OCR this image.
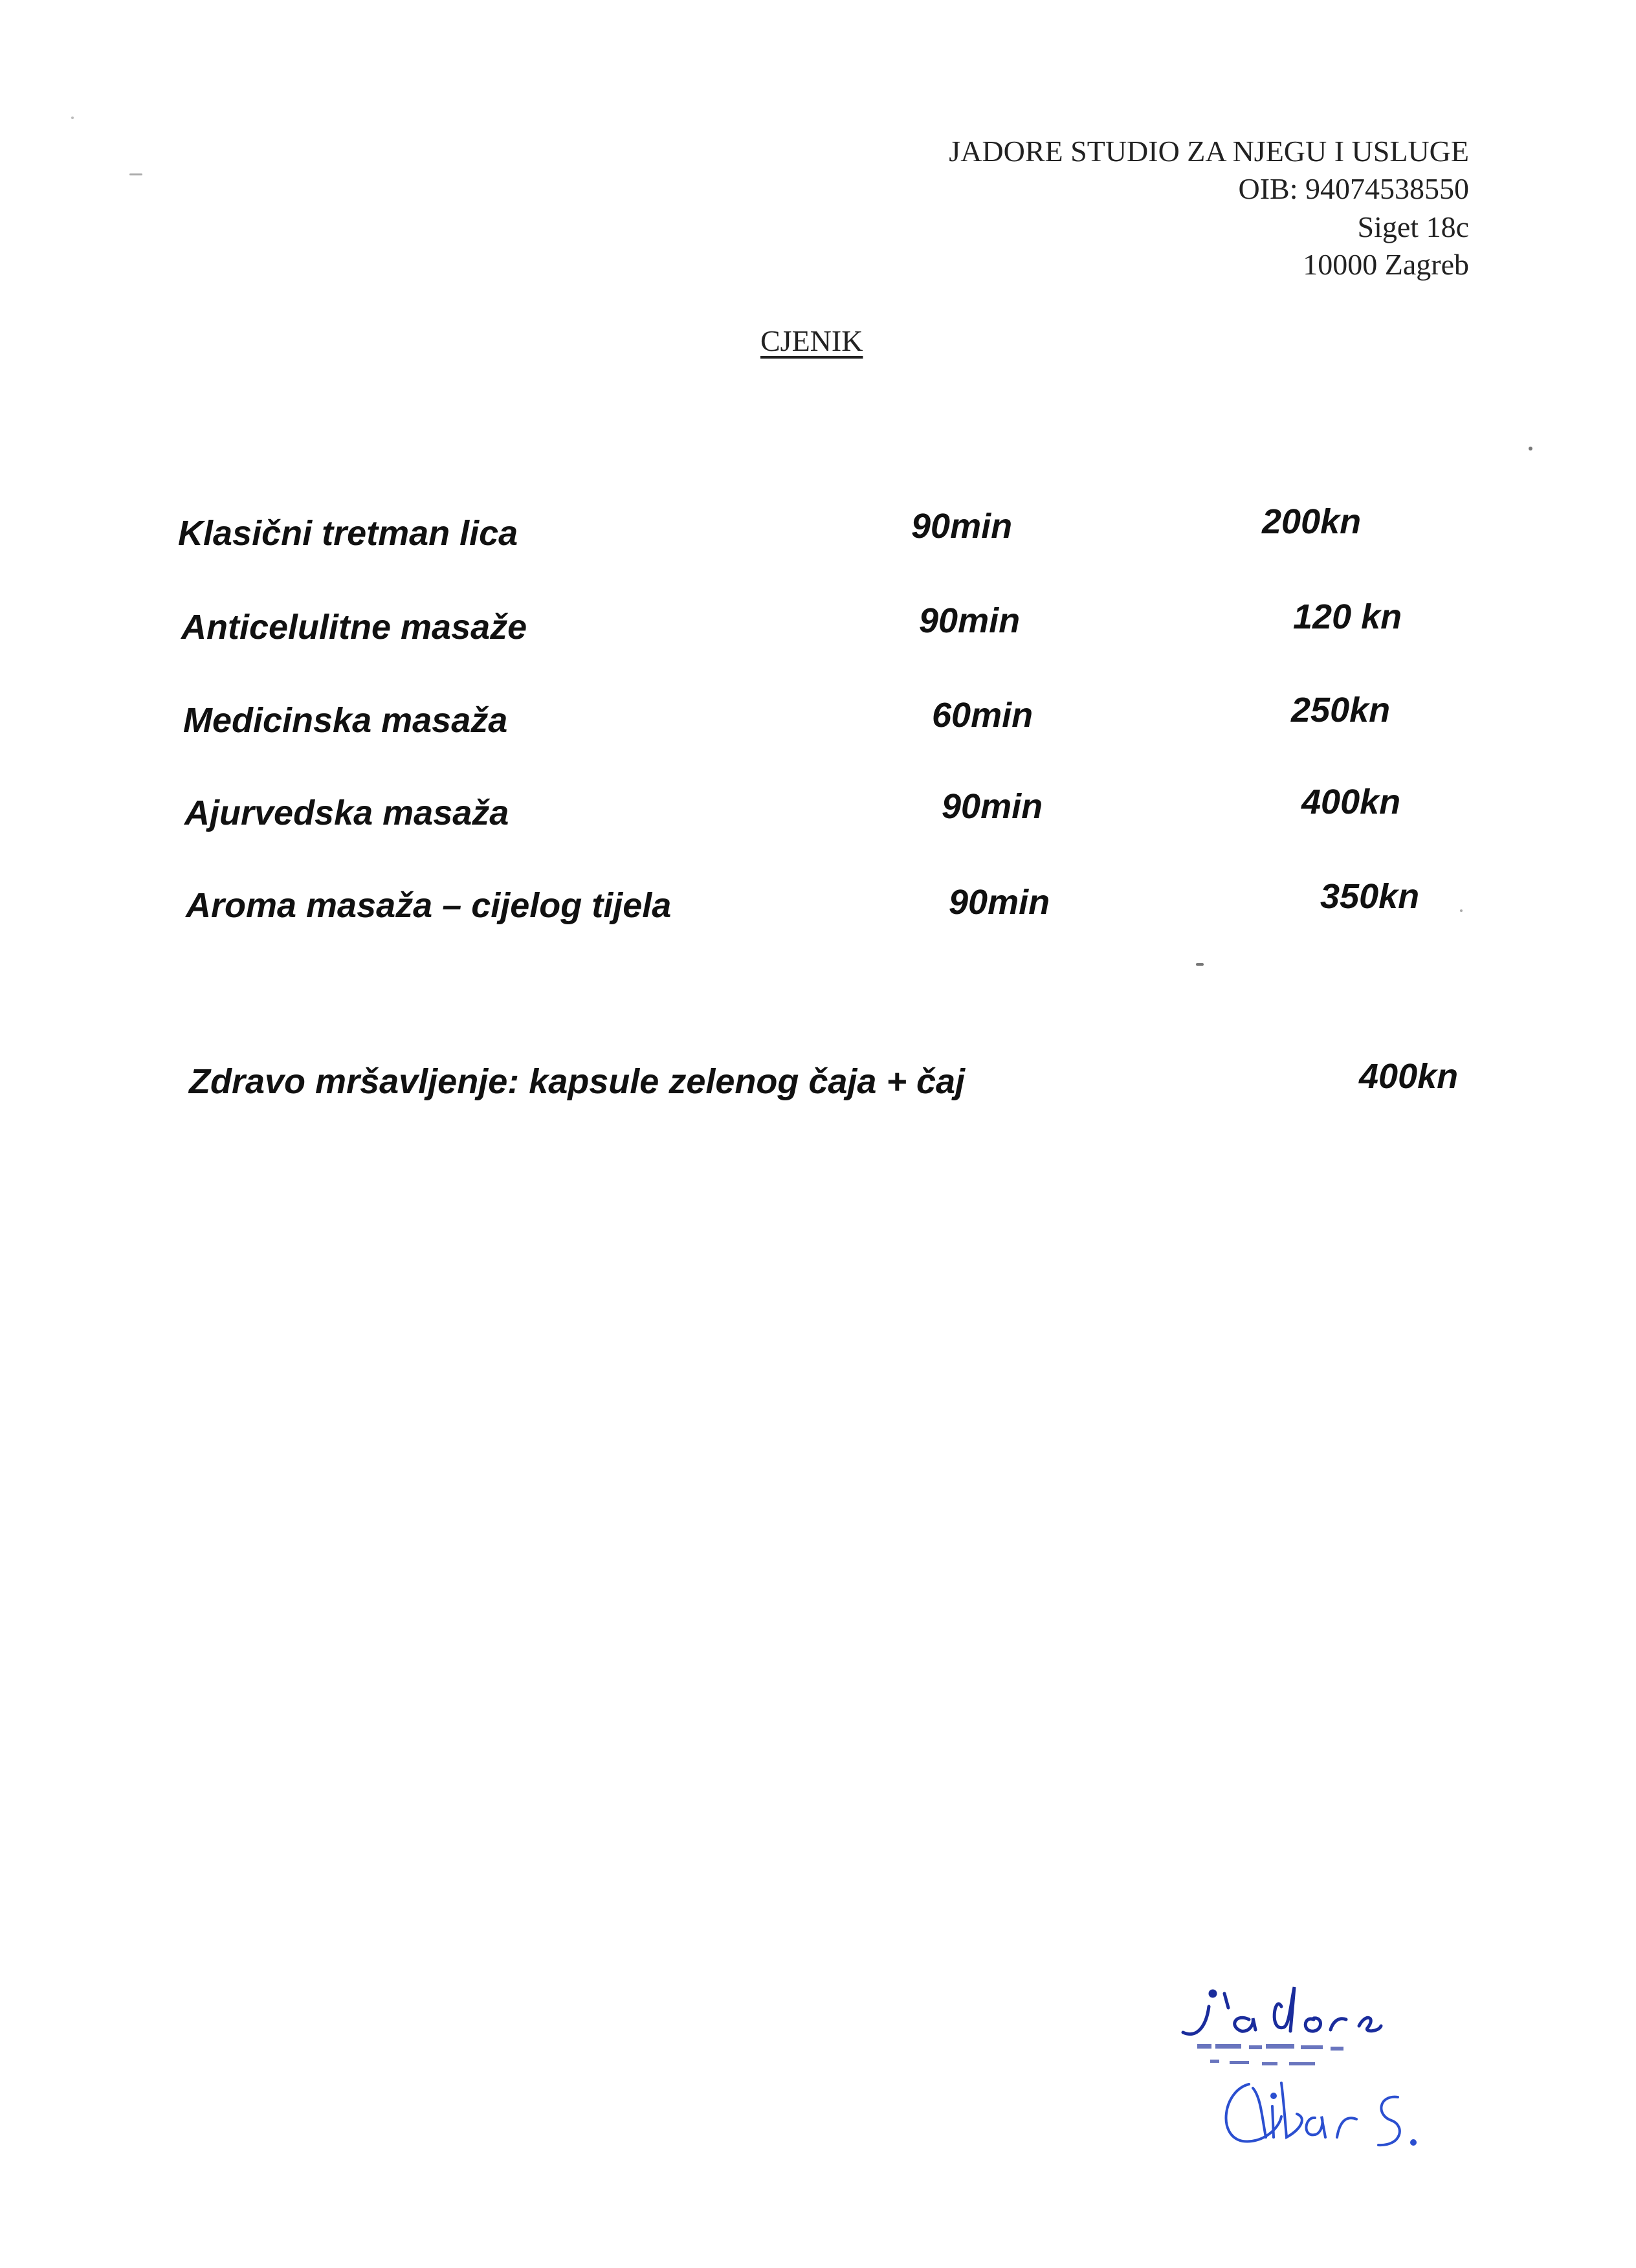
JADORE STUDIO ZA NJEGU I USLUGE
OIB: 94074538550
Siget 18c
10000 Zagreb
CJENIK
Klasični tretman lica	90min	200kn
Anticelulitne masaže	90min	120 kn
Medicinska masaža	60min	250kn
Ajurvedska masaža	90min	400kn
Aroma masaža – cijelog tijela	90min	350kn
Zdravo mršavljenje: kapsule zelenog čaja + čaj	400kn
